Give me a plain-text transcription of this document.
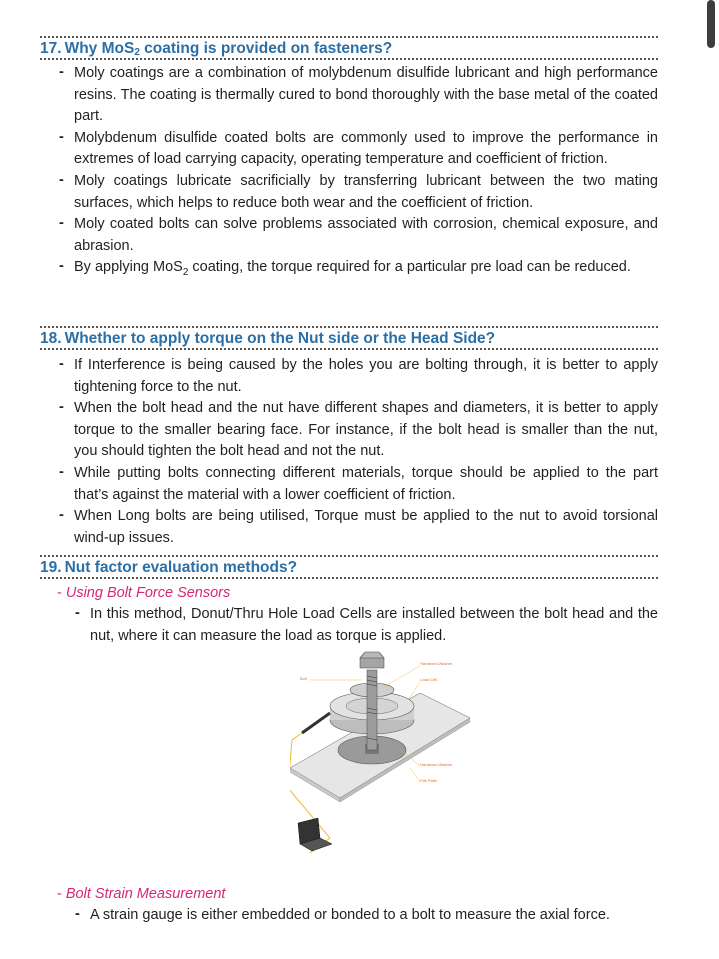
17. Why MoS$_2$ coating is provided on fasteners?
- Moly coatings are a combination of molybdenum disulfide lubricant and high performance resins. The coating is thermally cured to bond thoroughly with the base metal of the coated part.
- Molybdenum disulfide coated bolts are commonly used to improve the performance in extremes of load carrying capacity, operating temperature and coefficient of friction.
- Moly coatings lubricate sacrificially by transferring lubricant between the two mating surfaces, which helps to reduce both wear and the coefficient of friction.
- Moly coated bolts can solve problems associated with corrosion, chemical exposure, and abrasion.
- By applying MoS$_2$ coating, the torque required for a particular pre load can be reduced.
18. Whether to apply torque on the Nut side or the Head Side?
- If Interference is being caused by the holes you are bolting through, it is better to apply tightening force to the nut.
- When the bolt head and the nut have different shapes and diameters, it is better to apply torque to the smaller bearing face. For instance, if the bolt head is smaller than the nut, you should tighten the bolt head and not the nut.
- While putting bolts connecting different materials, torque should be applied to the part that’s against the material with a lower coefficient of friction.
- When Long bolts are being utilised, Torque must be applied to the nut to avoid torsional wind-up issues.
19. Nut factor evaluation methods?
- Using Bolt Force Sensors
- In this method, Donut/Thru Hole Load Cells are installed between the bolt head and the nut, where it can measure the load as torque is applied.
Bolt
Hardened Washer
Load Cell
Hardened Washer
Flat Plate
- Bolt Strain Measurement
- A strain gauge is either embedded or bonded to a bolt to measure the axial force.
